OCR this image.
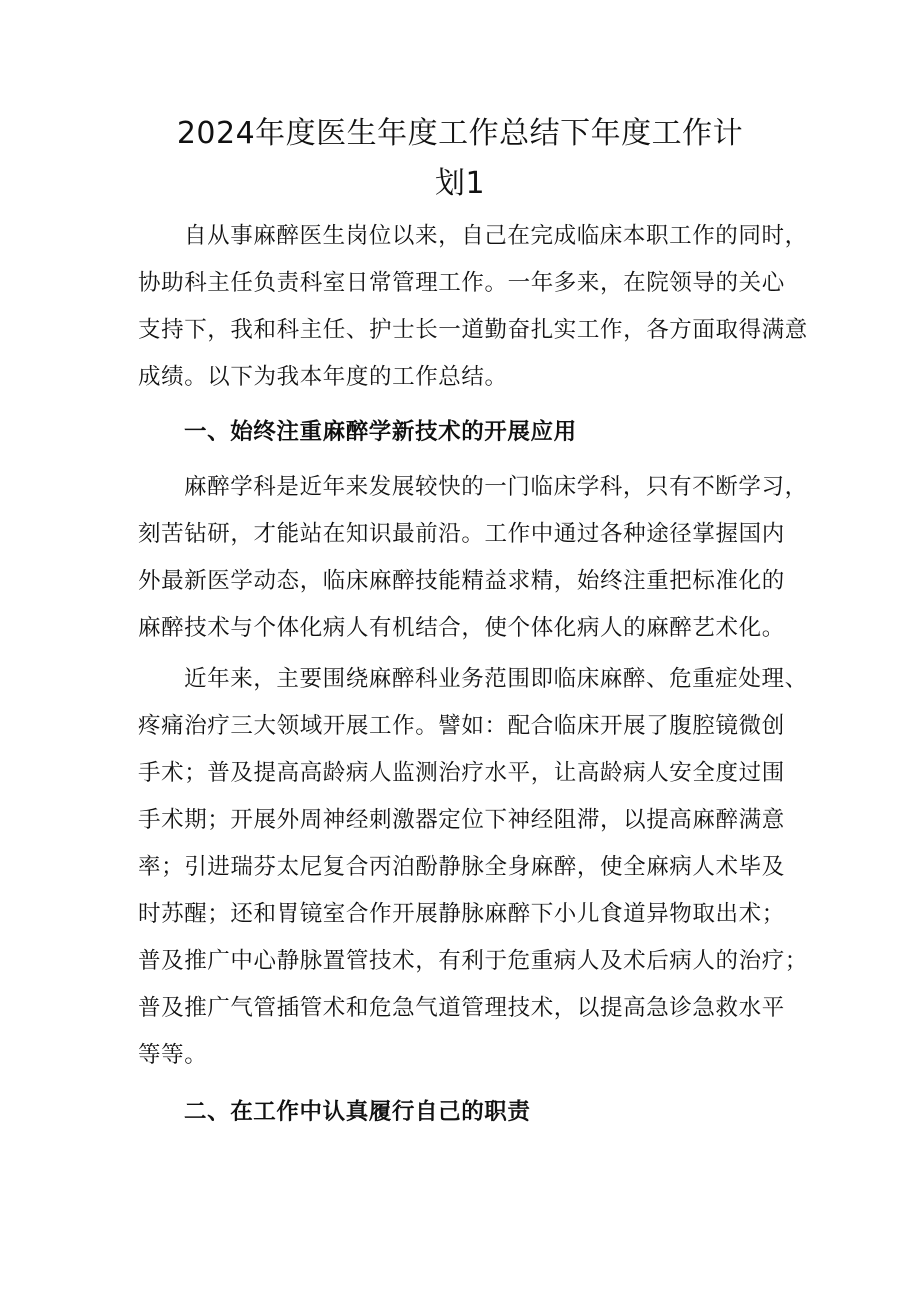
2024年度医生年度工作总结下年度工作计
划1
自从事麻醉医生岗位以来，自己在完成临床本职工作的同时，
协助科主任负责科室日常管理工作。一年多来，在院领导的关心
支持下，我和科主任、护士长一道勤奋扎实工作，各方面取得满意
成绩。以下为我本年度的工作总结。
一、始终注重麻醉学新技术的开展应用
麻醉学科是近年来发展较快的一门临床学科，只有不断学习，
刻苦钻研，才能站在知识最前沿。工作中通过各种途径掌握国内
外最新医学动态，临床麻醉技能精益求精，始终注重把标准化的
麻醉技术与个体化病人有机结合，使个体化病人的麻醉艺术化。
近年来，主要围绕麻醉科业务范围即临床麻醉、危重症处理、
疼痛治疗三大领域开展工作。譬如：配合临床开展了腹腔镜微创
手术；普及提高高龄病人监测治疗水平，让高龄病人安全度过围
手术期；开展外周神经刺激器定位下神经阻滞，以提高麻醉满意
率；引进瑞芬太尼复合丙泊酚静脉全身麻醉，使全麻病人术毕及
时苏醒；还和胃镜室合作开展静脉麻醉下小儿食道异物取出术；
普及推广中心静脉置管技术，有利于危重病人及术后病人的治疗；
普及推广气管插管术和危急气道管理技术，以提高急诊急救水平
等等。
二、在工作中认真履行自己的职责
